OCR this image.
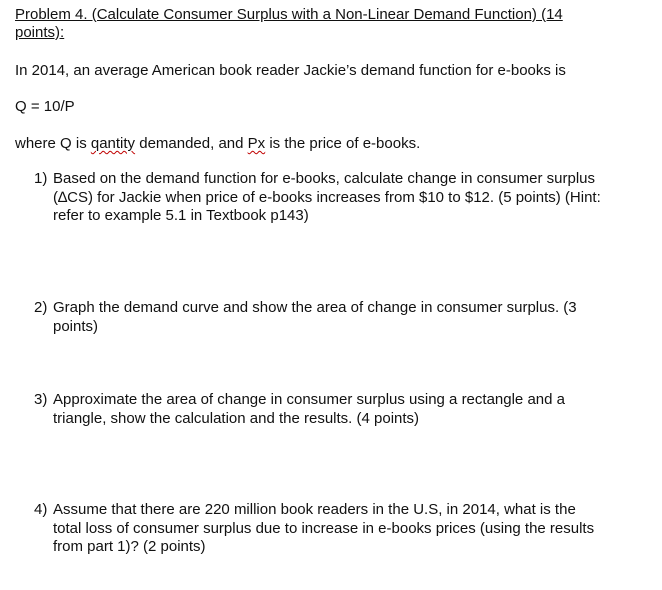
Problem 4. (Calculate Consumer Surplus with a Non-Linear Demand Function) (14
points):
In 2014, an average American book reader Jackie’s demand function for e-books is
Q = 10/P
where Q is qantity demanded, and Px is the price of e-books.
1) Based on the demand function for e-books, calculate change in consumer surplus
(∆CS) for Jackie when price of e-books increases from $10 to $12. (5 points) (Hint:
refer to example 5.1 in Textbook p143)
2) Graph the demand curve and show the area of change in consumer surplus. (3
points)
3) Approximate the area of change in consumer surplus using a rectangle and a
triangle, show the calculation and the results. (4 points)
4) Assume that there are 220 million book readers in the U.S, in 2014, what is the
total loss of consumer surplus due to increase in e-books prices (using the results
from part 1)? (2 points)
